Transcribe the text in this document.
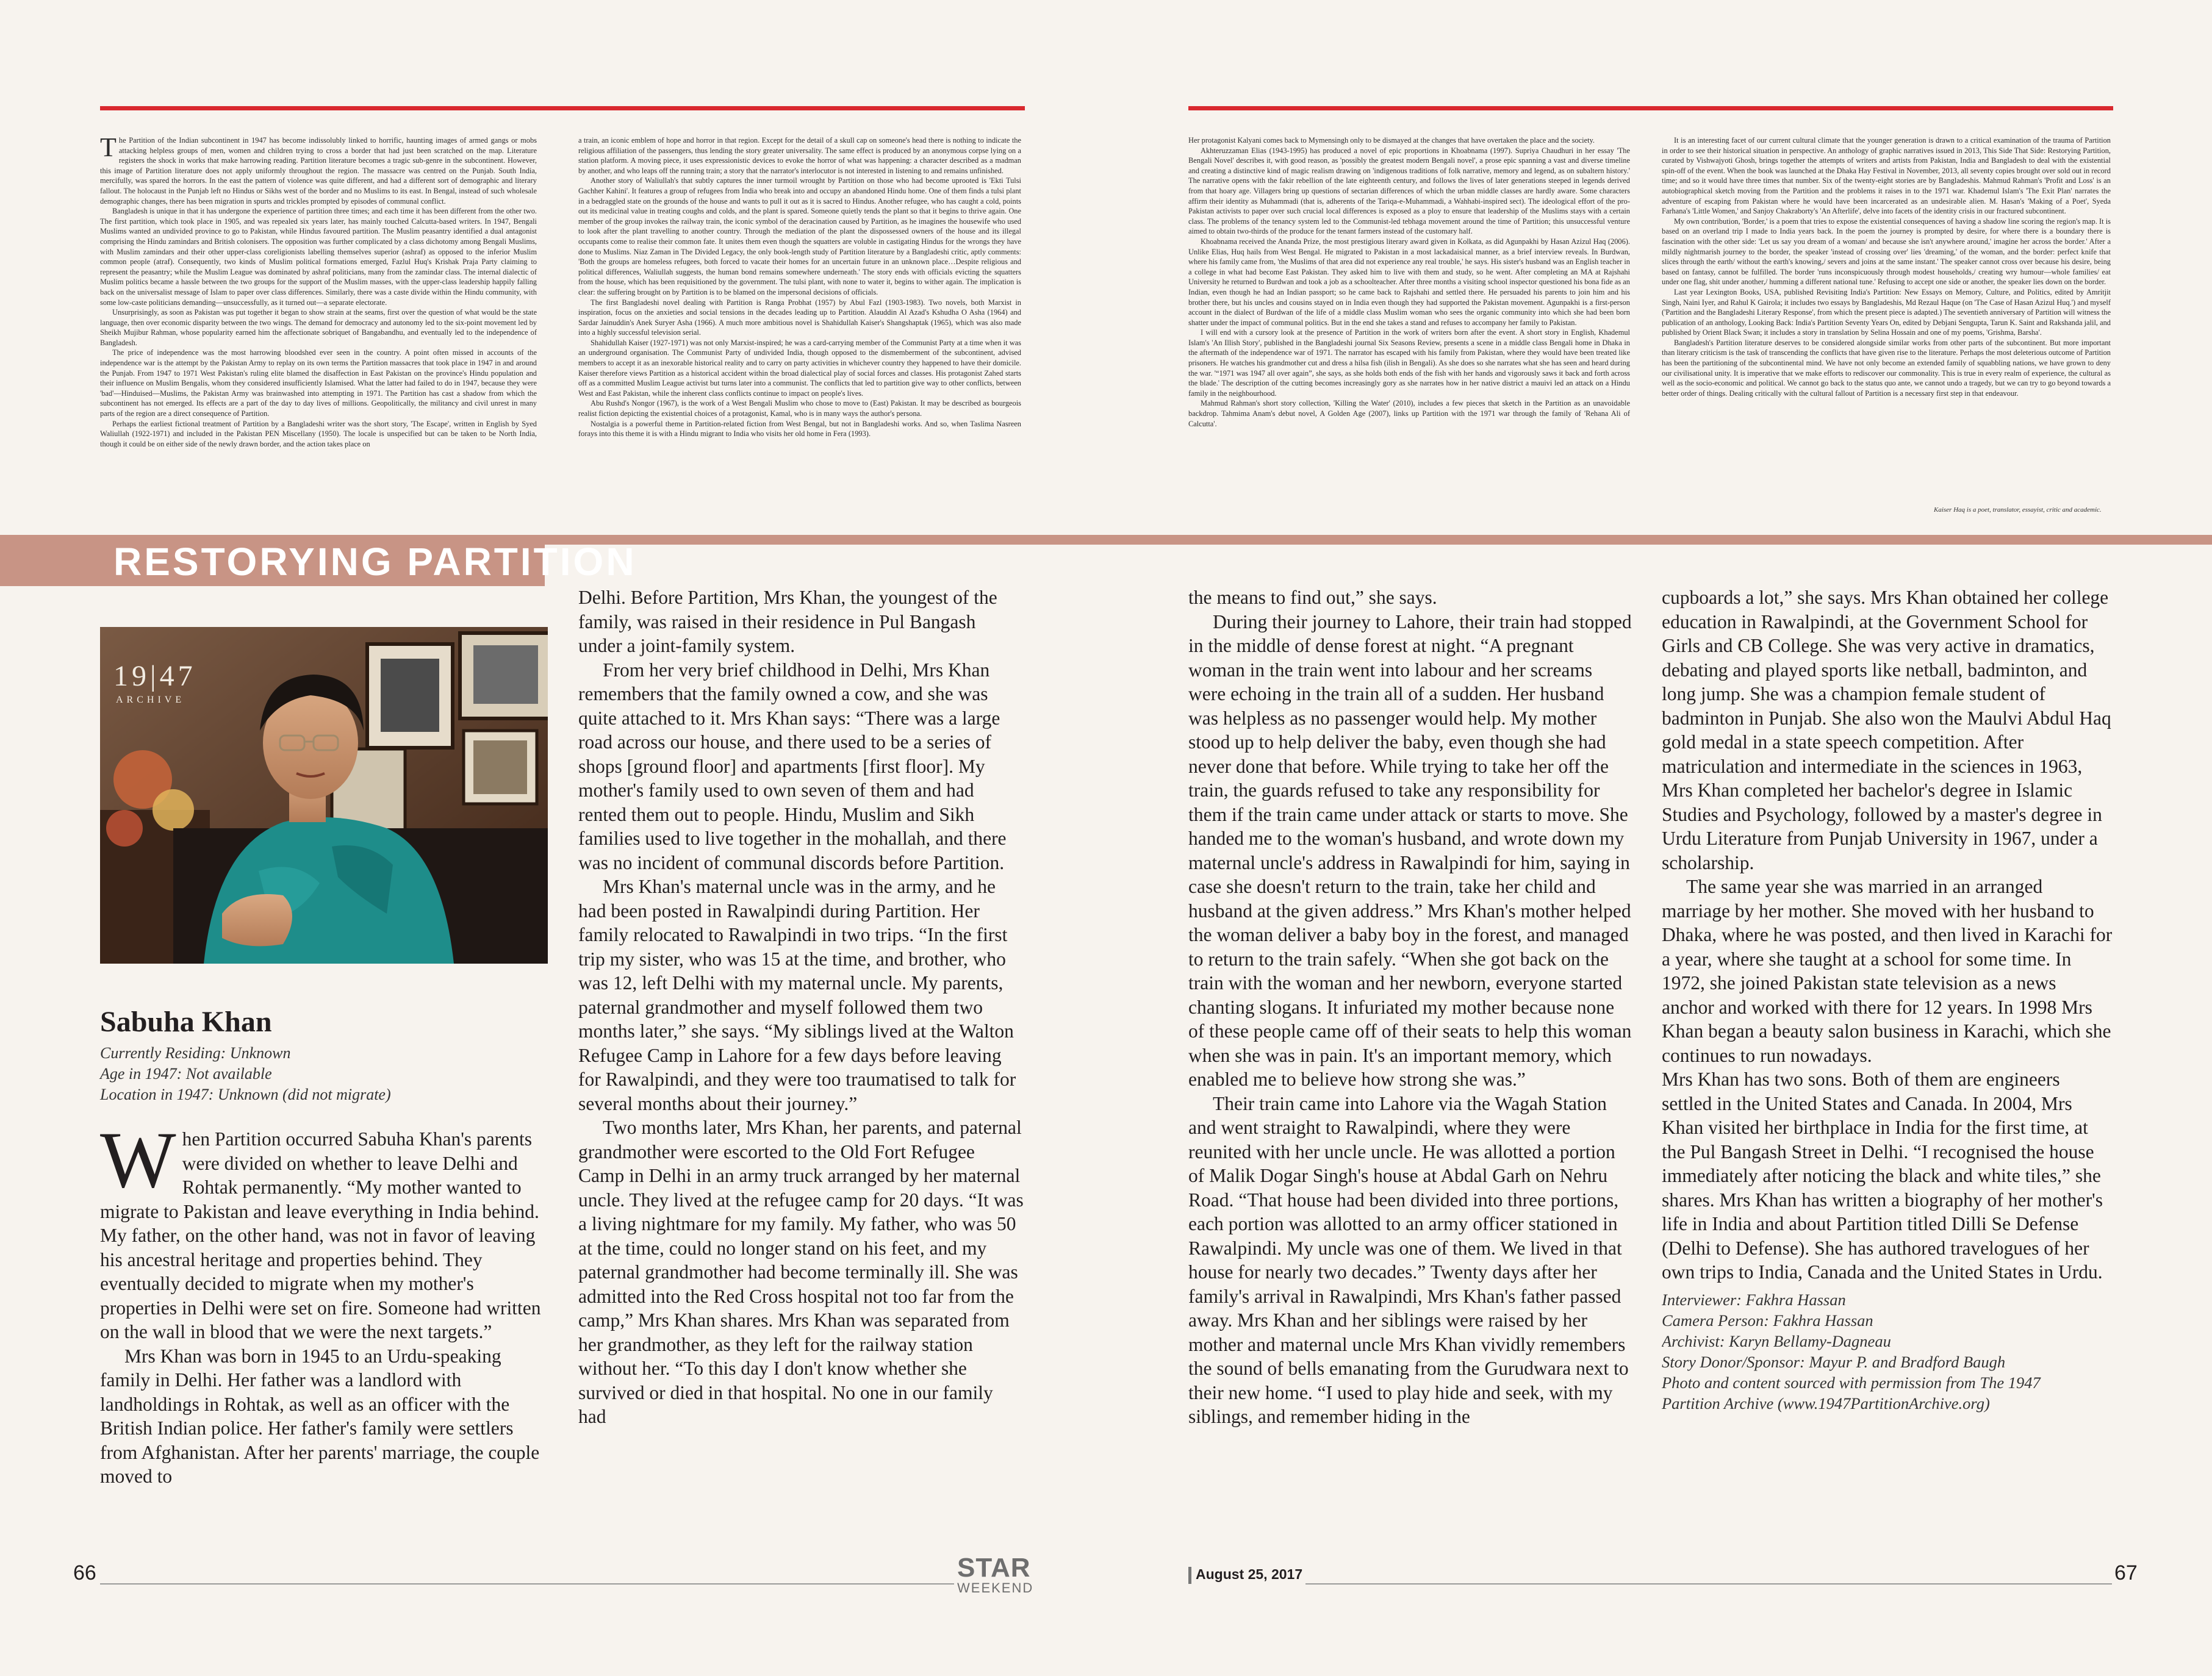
The Partition of the Indian subcontinent in 1947 has become indissolubly linked to horrific, haunting images of armed gangs or mobs attacking helpless groups of men, women and children trying to cross a border that had just been scratched on the map. Literature registers the shock in works that make harrowing reading. Partition literature becomes a tragic sub-genre in the subcontinent. However, this image of Partition literature does not apply uniformly throughout the region. The massacre was centred on the Punjab. South India, mercifully, was spared the horrors. In the east the pattern of violence was quite different, and had a different sort of demographic and literary fallout. The holocaust in the Punjab left no Hindus or Sikhs west of the border and no Muslims to its east. In Bengal, instead of such wholesale demographic changes, there has been migration in spurts and trickles prompted by episodes of communal conflict.

Bangladesh is unique in that it has undergone the experience of partition three times; and each time it has been different from the other two. The first partition, which took place in 1905, and was repealed six years later, has mainly touched Calcutta-based writers. In 1947, Bengali Muslims wanted an undivided province to go to Pakistan, while Hindus favoured partition. The Muslim peasantry identified a dual antagonist comprising the Hindu zamindars and British colonisers. The opposition was further complicated by a class dichotomy among Bengali Muslims, with Muslim zamindars and their other upper-class coreligionists labelling themselves superior (ashraf) as opposed to the inferior Muslim common people (atraf). Consequently, two kinds of Muslim political formations emerged, Fazlul Huq's Krishak Praja Party claiming to represent the peasantry; while the Muslim League was dominated by ashraf politicians, many from the zamindar class. The internal dialectic of Muslim politics became a hassle between the two groups for the support of the Muslim masses, with the upper-class leadership happily falling back on the universalist message of Islam to paper over class differences. Similarly, there was a caste divide within the Hindu community, with some low-caste politicians demanding—unsuccessfully, as it turned out—a separate electorate.

Unsurprisingly, as soon as Pakistan was put together it began to show strain at the seams, first over the question of what would be the state language, then over economic disparity between the two wings. The demand for democracy and autonomy led to the six-point movement led by Sheikh Mujibur Rahman, whose popularity earned him the affectionate sobriquet of Bangabandhu, and eventually led to the independence of Bangladesh.

The price of independence was the most harrowing bloodshed ever seen in the country. A point often missed in accounts of the independence war is the attempt by the Pakistan Army to replay on its own terms the Partition massacres that took place in 1947 in and around the Punjab. From 1947 to 1971 West Pakistan's ruling elite blamed the disaffection in East Pakistan on the province's Hindu population and their influence on Muslim Bengalis, whom they considered insufficiently Islamised. What the latter had failed to do in 1947, because they were 'bad'—Hinduised—Muslims, the Pakistan Army was brainwashed into attempting in 1971. The Partition has cast a shadow from which the subcontinent has not emerged. Its effects are a part of the day to day lives of millions. Geopolitically, the militancy and civil unrest in many parts of the region are a direct consequence of Partition.

Perhaps the earliest fictional treatment of Partition by a Bangladeshi writer was the short story, 'The Escape', written in English by Syed Waliullah (1922-1971) and included in the Pakistan PEN Miscellany (1950). The locale is unspecified but can be taken to be North India, though it could be on either side of the newly drawn border, and the action takes place on

a train, an iconic emblem of hope and horror in that region. Except for the detail of a skull cap on someone's head there is nothing to indicate the religious affiliation of the passengers, thus lending the story greater universality. The same effect is produced by an anonymous corpse lying on a station platform. A moving piece, it uses expressionistic devices to evoke the horror of what was happening: a character described as a madman by another, and who leaps off the running train; a story that the narrator's interlocutor is not interested in listening to and remains unfinished.

Another story of Waliullah's that subtly captures the inner turmoil wrought by Partition on those who had become uprooted is 'Ekti Tulsi Gachher Kahini'. It features a group of refugees from India who break into and occupy an abandoned Hindu home. One of them finds a tulsi plant in a bedraggled state on the grounds of the house and wants to pull it out as it is sacred to Hindus. Another refugee, who has caught a cold, points out its medicinal value in treating coughs and colds, and the plant is spared. Someone quietly tends the plant so that it begins to thrive again. One member of the group invokes the railway train, the iconic symbol of the deracination caused by Partition, as he imagines the housewife who used to look after the plant travelling to another country. Through the mediation of the plant the dispossessed owners of the house and its illegal occupants come to realise their common fate. It unites them even though the squatters are voluble in castigating Hindus for the wrongs they have done to Muslims. Niaz Zaman in The Divided Legacy, the only book-length study of Partition literature by a Bangladeshi critic, aptly comments: 'Both the groups are homeless refugees, both forced to vacate their homes for an uncertain future in an unknown place…Despite religious and political differences, Waliullah suggests, the human bond remains somewhere underneath.' The story ends with officials evicting the squatters from the house, which has been requisitioned by the government. The tulsi plant, with none to water it, begins to wither again. The implication is clear: the suffering brought on by Partition is to be blamed on the impersonal decisions of officials.

The first Bangladeshi novel dealing with Partition is Ranga Probhat (1957) by Abul Fazl (1903-1983). Two novels, both Marxist in inspiration, focus on the anxieties and social tensions in the decades leading up to Partition. Alauddin Al Azad's Kshudha O Asha (1964) and Sardar Jainuddin's Anek Suryer Asha (1966). A much more ambitious novel is Shahidullah Kaiser's Shangshaptak (1965), which was also made into a highly successful television serial.

Shahidullah Kaiser (1927-1971) was not only Marxist-inspired; he was a card-carrying member of the Communist Party at a time when it was an underground organisation. The Communist Party of undivided India, though opposed to the dismemberment of the subcontinent, advised members to accept it as an inexorable historical reality and to carry on party activities in whichever country they happened to have their domicile. Kaiser therefore views Partition as a historical accident within the broad dialectical play of social forces and classes. His protagonist Zahed starts off as a committed Muslim League activist but turns later into a communist. The conflicts that led to partition give way to other conflicts, between West and East Pakistan, while the inherent class conflicts continue to impact on people's lives.

Abu Rushd's Nongor (1967), is the work of a West Bengali Muslim who chose to move to (East) Pakistan. It may be described as bourgeois realist fiction depicting the existential choices of a protagonist, Kamal, who is in many ways the author's persona.

Nostalgia is a powerful theme in Partition-related fiction from West Bengal, but not in Bangladeshi works. And so, when Taslima Nasreen forays into this theme it is with a Hindu migrant to India who visits her old home in Fera (1993).

Her protagonist Kalyani comes back to Mymensingh only to be dismayed at the changes that have overtaken the place and the society.

Akhteruzzaman Elias (1943-1995) has produced a novel of epic proportions in Khoabnama (1997). Supriya Chaudhuri in her essay 'The Bengali Novel' describes it, with good reason, as 'possibly the greatest modern Bengali novel', a prose epic spanning a vast and diverse timeline and creating a distinctive kind of magic realism drawing on 'indigenous traditions of folk narrative, memory and legend, as on subaltern history.' The narrative opens with the fakir rebellion of the late eighteenth century, and follows the lives of later generations steeped in legends derived from that hoary age. Villagers bring up questions of sectarian differences of which the urban middle classes are hardly aware. Some characters affirm their identity as Muhammadi (that is, adherents of the Tariqa-e-Muhammadi, a Wahhabi-inspired sect). The ideological effort of the pro-Pakistan activists to paper over such crucial local differences is exposed as a ploy to ensure that leadership of the Muslims stays with a certain class. The problems of the tenancy system led to the Communist-led tebhaga movement around the time of Partition; this unsuccessful venture aimed to obtain two-thirds of the produce for the tenant farmers instead of the customary half.

Khoabnama received the Ananda Prize, the most prestigious literary award given in Kolkata, as did Agunpakhi by Hasan Azizul Haq (2006). Unlike Elias, Huq hails from West Bengal. He migrated to Pakistan in a most lackadaisical manner, as a brief interview reveals. In Burdwan, where his family came from, 'the Muslims of that area did not experience any real trouble,' he says. His sister's husband was an English teacher in a college in what had become East Pakistan. They asked him to live with them and study, so he went. After completing an MA at Rajshahi University he returned to Burdwan and took a job as a schoolteacher. After three months a visiting school inspector questioned his bona fide as an Indian, even though he had an Indian passport; so he came back to Rajshahi and settled there. He persuaded his parents to join him and his brother there, but his uncles and cousins stayed on in India even though they had supported the Pakistan movement. Agunpakhi is a first-person account in the dialect of Burdwan of the life of a middle class Muslim woman who sees the organic community into which she had been born shatter under the impact of communal politics. But in the end she takes a stand and refuses to accompany her family to Pakistan.

I will end with a cursory look at the presence of Partition in the work of writers born after the event. A short story in English, Khademul Islam's 'An Illish Story', published in the Bangladeshi journal Six Seasons Review, presents a scene in a middle class Bengali home in Dhaka in the aftermath of the independence war of 1971. The narrator has escaped with his family from Pakistan, where they would have been treated like prisoners. He watches his grandmother cut and dress a hilsa fish (ilish in Bengali). As she does so she narrates what she has seen and heard during the war. '“1971 was 1947 all over again”, she says, as she holds both ends of the fish with her hands and vigorously saws it back and forth across the blade.' The description of the cutting becomes increasingly gory as she narrates how in her native district a mauivi led an attack on a Hindu family in the neighbourhood.

Mahmud Rahman's short story collection, 'Killing the Water' (2010), includes a few pieces that sketch in the Partition as an unavoidable backdrop. Tahmima Anam's debut novel, A Golden Age (2007), links up Partition with the 1971 war through the family of 'Rehana Ali of Calcutta'.

It is an interesting facet of our current cultural climate that the younger generation is drawn to a critical examination of the trauma of Partition in order to see their historical situation in perspective. An anthology of graphic narratives issued in 2013, This Side That Side: Restorying Partition, curated by Vishwajyoti Ghosh, brings together the attempts of writers and artists from Pakistan, India and Bangladesh to deal with the existential spin-off of the event. When the book was launched at the Dhaka Hay Festival in November, 2013, all seventy copies brought over sold out in record time; and so it would have three times that number. Six of the twenty-eight stories are by Bangladeshis. Mahmud Rahman's 'Profit and Loss' is an autobiographical sketch moving from the Partition and the problems it raises in to the 1971 war. Khademul Islam's 'The Exit Plan' narrates the adventure of escaping from Pakistan where he would have been incarcerated as an undesirable alien. M. Hasan's 'Making of a Poet', Syeda Farhana's 'Little Women,' and Sanjoy Chakraborty's 'An Afterlife', delve into facets of the identity crisis in our fractured subcontinent.

My own contribution, 'Border,' is a poem that tries to expose the existential consequences of having a shadow line scoring the region's map. It is based on an overland trip I made to India years back. In the poem the journey is prompted by desire, for where there is a boundary there is fascination with the other side: 'Let us say you dream of a woman/ and because she isn't anywhere around,' imagine her across the border.' After a mildly nightmarish journey to the border, the speaker 'instead of crossing over' lies 'dreaming,' of the woman, and the border: perfect knife that slices through the earth/ without the earth's knowing,/ severs and joins at the same instant.' The speaker cannot cross over because his desire, being based on fantasy, cannot be fulfilled. The border 'runs inconspicuously through modest households,/ creating wry humour—whole families/ eat under one flag, shit under another,/ humming a different national tune.' Refusing to accept one side or another, the speaker lies down on the border.

Last year Lexington Books, USA, published Revisiting India's Partition: New Essays on Memory, Culture, and Politics, edited by Amritjit Singh, Naini Iyer, and Rahul K Gairola; it includes two essays by Bangladeshis, Md Rezaul Haque (on 'The Case of Hasan Azizul Huq.') and myself ('Partition and the Bangladeshi Literary Response', from which the present piece is adapted.) The seventieth anniversary of Partition will witness the publication of an anthology, Looking Back: India's Partition Seventy Years On, edited by Debjani Sengupta, Tarun K. Saint and Rakshanda jalil, and published by Orient Black Swan; it includes a story in translation by Selina Hossain and one of my poems, 'Grishma, Barsha'.

Bangladesh's Partition literature deserves to be considered alongside similar works from other parts of the subcontinent. But more important than literary criticism is the task of transcending the conflicts that have given rise to the literature. Perhaps the most deleterious outcome of Partition has been the partitioning of the subcontinental mind. We have not only become an extended family of squabbling nations, we have grown to deny our civilisational unity. It is imperative that we make efforts to rediscover our commonality. This is true in every realm of experience, the cultural as well as the socio-economic and political. We cannot go back to the status quo ante, we cannot undo a tragedy, but we can try to go beyond towards a better order of things. Dealing critically with the cultural fallout of Partition is a necessary first step in that endeavour.

Kaiser Haq is a poet, translator, essayist, critic and academic.
RESTORYING PARTITION
19|47
ARCHIVE
Sabuha Khan
Currently Residing: Unknown
Age in 1947: Not available
Location in 1947: Unknown (did not migrate)

When Partition occurred Sabuha Khan's parents were divided on whether to leave Delhi and Rohtak permanently. “My mother wanted to migrate to Pakistan and leave everything in India behind. My father, on the other hand, was not in favor of leaving his ancestral heritage and properties behind. They eventually decided to migrate when my mother's properties in Delhi were set on fire. Someone had written on the wall in blood that we were the next targets.”

Mrs Khan was born in 1945 to an Urdu-speaking family in Delhi. Her father was a landlord with landholdings in Rohtak, as well as an officer with the British Indian police. Her father's family were settlers from Afghanistan. After her parents' marriage, the couple moved to

Delhi. Before Partition, Mrs Khan, the youngest of the family, was raised in their residence in Pul Bangash under a joint-family system.

From her very brief childhood in Delhi, Mrs Khan remembers that the family owned a cow, and she was quite attached to it. Mrs Khan says: “There was a large road across our house, and there used to be a series of shops [ground floor] and apartments [first floor]. My mother's family used to own seven of them and had rented them out to people. Hindu, Muslim and Sikh families used to live together in the mohallah, and there was no incident of communal discords before Partition.

Mrs Khan's maternal uncle was in the army, and he had been posted in Rawalpindi during Partition. Her family relocated to Rawalpindi in two trips. “In the first trip my sister, who was 15 at the time, and brother, who was 12, left Delhi with my maternal uncle. My parents, paternal grandmother and myself followed them two months later,” she says. “My siblings lived at the Walton Refugee Camp in Lahore for a few days before leaving for Rawalpindi, and they were too traumatised to talk for several months about their journey.”

Two months later, Mrs Khan, her parents, and paternal grandmother were escorted to the Old Fort Refugee Camp in Delhi in an army truck arranged by her maternal uncle. They lived at the refugee camp for 20 days. “It was a living nightmare for my family. My father, who was 50 at the time, could no longer stand on his feet, and my paternal grandmother had become terminally ill. She was admitted into the Red Cross hospital not too far from the camp,” Mrs Khan shares. Mrs Khan was separated from her grandmother, as they left for the railway station without her. “To this day I don't know whether she survived or died in that hospital. No one in our family had

the means to find out,” she says.

During their journey to Lahore, their train had stopped in the middle of dense forest at night. “A pregnant woman in the train went into labour and her screams were echoing in the train all of a sudden. Her husband was helpless as no passenger would help. My mother stood up to help deliver the baby, even though she had never done that before. While trying to take her off the train, the guards refused to take any responsibility for them if the train came under attack or starts to move. She handed me to the woman's husband, and wrote down my maternal uncle's address in Rawalpindi for him, saying in case she doesn't return to the train, take her child and husband at the given address.” Mrs Khan's mother helped the woman deliver a baby boy in the forest, and managed to return to the train safely. “When she got back on the train with the woman and her newborn, everyone started chanting slogans. It infuriated my mother because none of these people came off of their seats to help this woman when she was in pain. It's an important memory, which enabled me to believe how strong she was.”

Their train came into Lahore via the Wagah Station and went straight to Rawalpindi, where they were reunited with her uncle uncle. He was allotted a portion of Malik Dogar Singh's house at Abdal Garh on Nehru Road. “That house had been divided into three portions, each portion was allotted to an army officer stationed in Rawalpindi. My uncle was one of them. We lived in that house for nearly two decades.” Twenty days after her family's arrival in Rawalpindi, Mrs Khan's father passed away. Mrs Khan and her siblings were raised by her mother and maternal uncle Mrs Khan vividly remembers the sound of bells emanating from the Gurudwara next to their new home. “I used to play hide and seek, with my siblings, and remember hiding in the

cupboards a lot,” she says. Mrs Khan obtained her college education in Rawalpindi, at the Government School for Girls and CB College. She was very active in dramatics, debating and played sports like netball, badminton, and long jump. She was a champion female student of badminton in Punjab. She also won the Maulvi Abdul Haq gold medal in a state speech competition. After matriculation and intermediate in the sciences in 1963, Mrs Khan completed her bachelor's degree in Islamic Studies and Psychology, followed by a master's degree in Urdu Literature from Punjab University in 1967, under a scholarship.

The same year she was married in an arranged marriage by her mother. She moved with her husband to Dhaka, where he was posted, and then lived in Karachi for a year, where she taught at a school for some time. In 1972, she joined Pakistan state television as a news anchor and worked with there for 12 years. In 1998 Mrs Khan began a beauty salon business in Karachi, which she continues to run nowadays.

Mrs Khan has two sons. Both of them are engineers settled in the United States and Canada. In 2004, Mrs Khan visited her birthplace in India for the first time, at the Pul Bangash Street in Delhi. “I recognised the house immediately after noticing the black and white tiles,” she shares. Mrs Khan has written a biography of her mother's life in India and about Partition titled Dilli Se Defense (Delhi to Defense). She has authored travelogues of her own trips to India, Canada and the United States in Urdu.

Interviewer: Fakhra Hassan
Camera Person: Fakhra Hassan
Archivist: Karyn Bellamy-Dagneau
Story Donor/Sponsor: Mayur P. and Bradford Baugh
Photo and content sourced with permission from The 1947
Partition Archive (www.1947PartitionArchive.org)
66	STAR
WEEKEND
August 25, 2017	67
